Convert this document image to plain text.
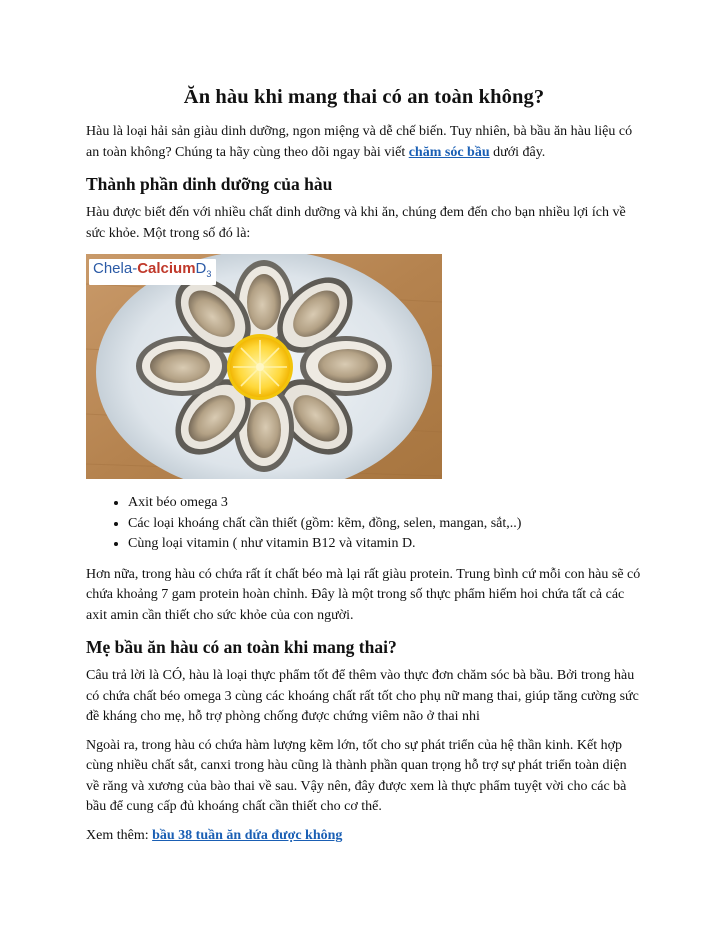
Ăn hàu khi mang thai có an toàn không?

Hàu là loại hải sản giàu dinh dưỡng, ngon miệng và dễ chế biến. Tuy nhiên, bà bầu ăn hàu liệu có an toàn không? Chúng ta hãy cùng theo dõi ngay bài viết chăm sóc bầu dưới đây.

Thành phần dinh dưỡng của hàu

Hàu được biết đến với nhiều chất dinh dưỡng và khi ăn, chúng đem đến cho bạn nhiều lợi ích về sức khỏe. Một trong số đó là:

Chela-CalciumD$_3$
• Axit béo omega 3
• Các loại khoáng chất cần thiết (gồm: kẽm, đồng, selen, mangan, sắt,..)
• Cùng loại vitamin ( như vitamin B12 và vitamin D.

Hơn nữa, trong hàu có chứa rất ít chất béo mà lại rất giàu protein. Trung bình cứ mỗi con hàu sẽ có chứa khoảng 7 gam protein hoàn chỉnh. Đây là một trong số thực phẩm hiếm hoi chứa tất cả các axit amin cần thiết cho sức khỏe của con người.

Mẹ bầu ăn hàu có an toàn khi mang thai?

Câu trả lời là CÓ, hàu là loại thực phẩm tốt để thêm vào thực đơn chăm sóc bà bầu. Bởi trong hàu có chứa chất béo omega 3 cùng các khoáng chất rất tốt cho phụ nữ mang thai, giúp tăng cường sức đề kháng cho mẹ, hỗ trợ phòng chống được chứng viêm não ở thai nhi

Ngoài ra, trong hàu có chứa hàm lượng kẽm lớn, tốt cho sự phát triển của hệ thần kinh. Kết hợp cùng nhiều chất sắt, canxi trong hàu cũng là thành phần quan trọng hỗ trợ sự phát triển toàn diện về răng và xương của bào thai về sau. Vậy nên, đây được xem là thực phẩm tuyệt vời cho các bà bầu để cung cấp đủ khoáng chất cần thiết cho cơ thể.

Xem thêm: bầu 38 tuần ăn dứa được không
